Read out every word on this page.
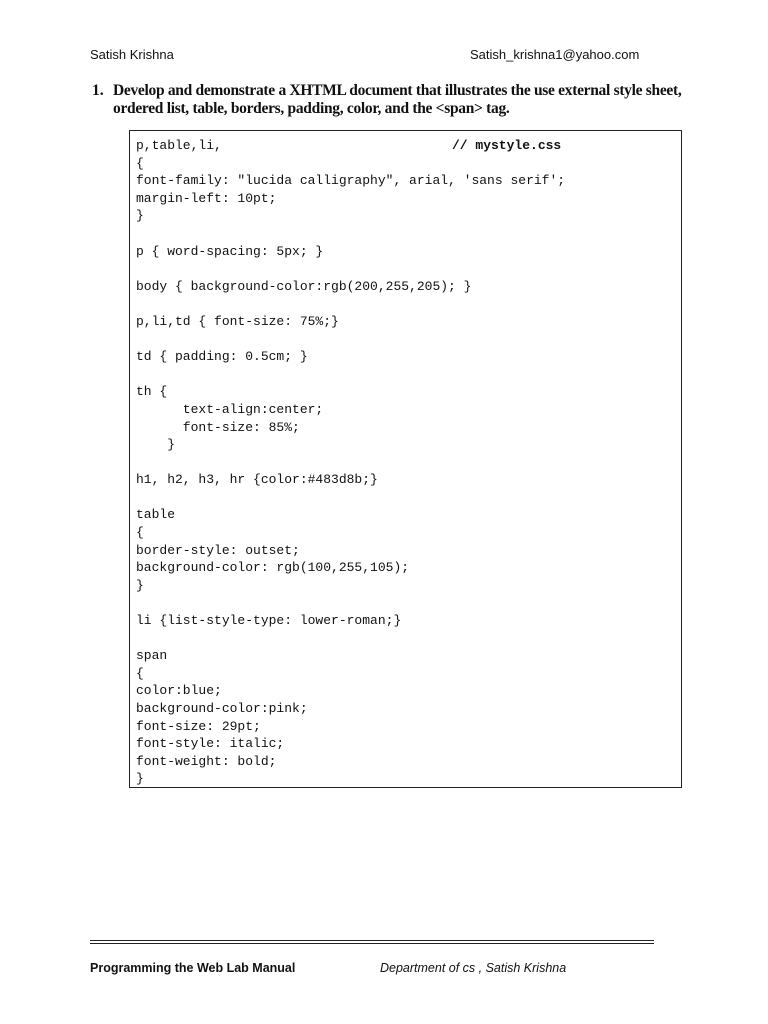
Satish Krishna	Satish_krishna1@yahoo.com
1. Develop and demonstrate a XHTML document that illustrates the use external style sheet, ordered list, table, borders, padding, color, and the <span> tag.
p,table,li,
{
font-family: "lucida calligraphy", arial, 'sans serif';
margin-left: 10pt;
}
p { word-spacing: 5px; }
body { background-color:rgb(200,255,205); }
p,li,td { font-size: 75%;}
td { padding: 0.5cm; }
th {
text-align:center;
font-size: 85%;
}
h1, h2, h3, hr {color:#483d8b;}
table
{
border-style: outset;
background-color: rgb(100,255,105);
}
li {list-style-type: lower-roman;}
span
{
color:blue;
background-color:pink;
font-size: 29pt;
font-style: italic;
font-weight: bold;
}
// mystyle.css
Programming the Web Lab Manual	Department of cs , Satish Krishna
